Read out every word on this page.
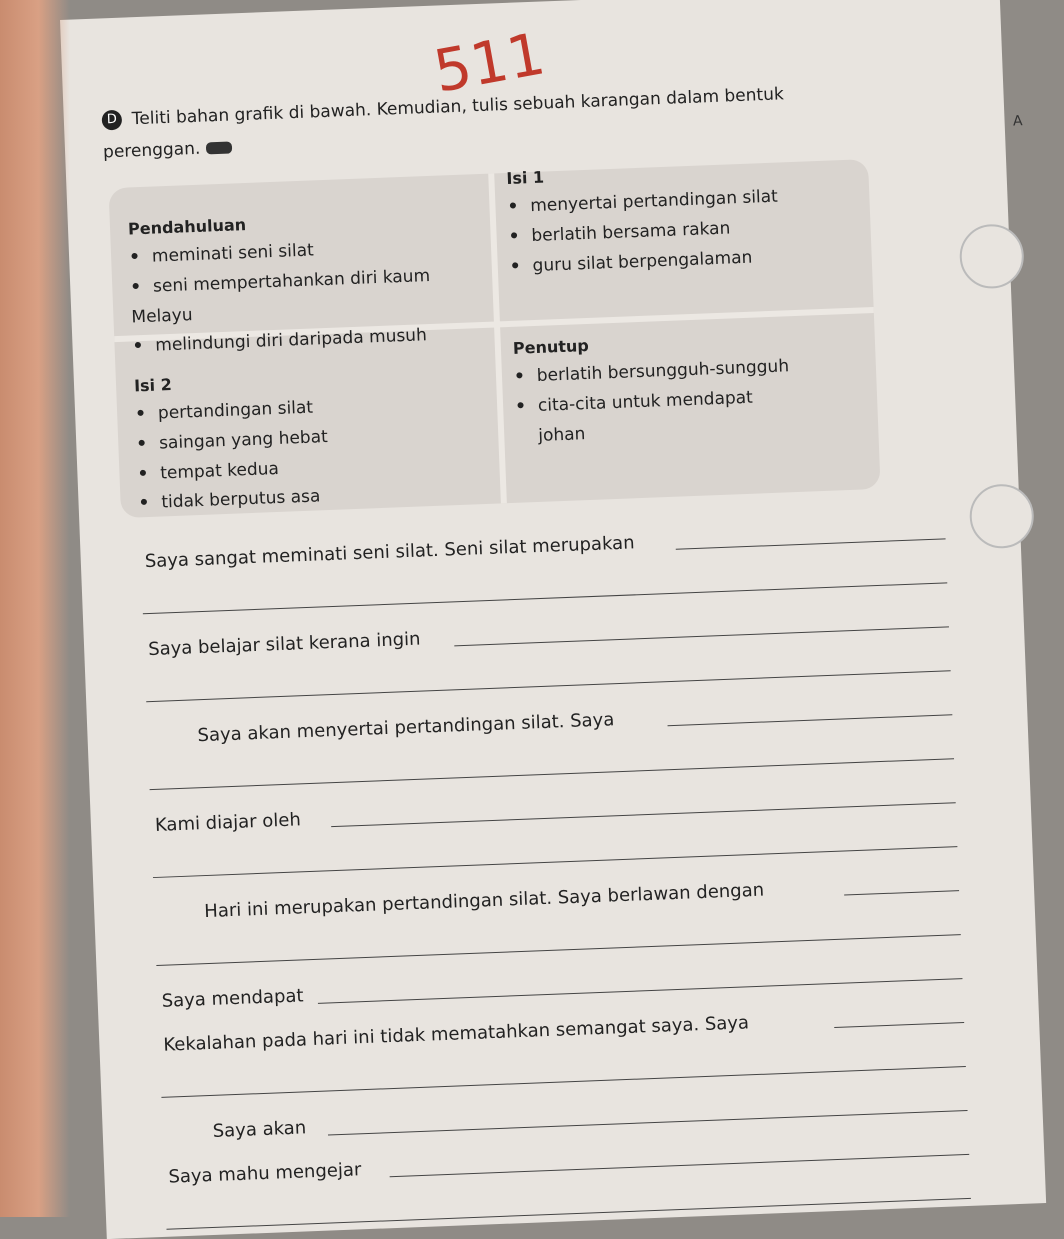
511
D Teliti bahan grafik di bawah. Kemudian, tulis sebuah karangan dalam bentuk perenggan.
A
Pendahuluan
• meminati seni silat
• seni mempertahankan diri kaum
Melayu
• melindungi diri daripada musuh
Isi 1
• menyertai pertandingan silat
• berlatih bersama rakan
• guru silat berpengalaman
Isi 2
• pertandingan silat
• saingan yang hebat
• tempat kedua
• tidak berputus asa
Penutup
• berlatih bersungguh-sungguh
• cita-cita untuk mendapat
johan
Saya sangat meminati seni silat. Seni silat merupakan
Saya belajar silat kerana ingin
Saya akan menyertai pertandingan silat. Saya
Kami diajar oleh
Hari ini merupakan pertandingan silat. Saya berlawan dengan
Saya mendapat
Kekalahan pada hari ini tidak mematahkan semangat saya. Saya
Saya akan
Saya mahu mengejar
